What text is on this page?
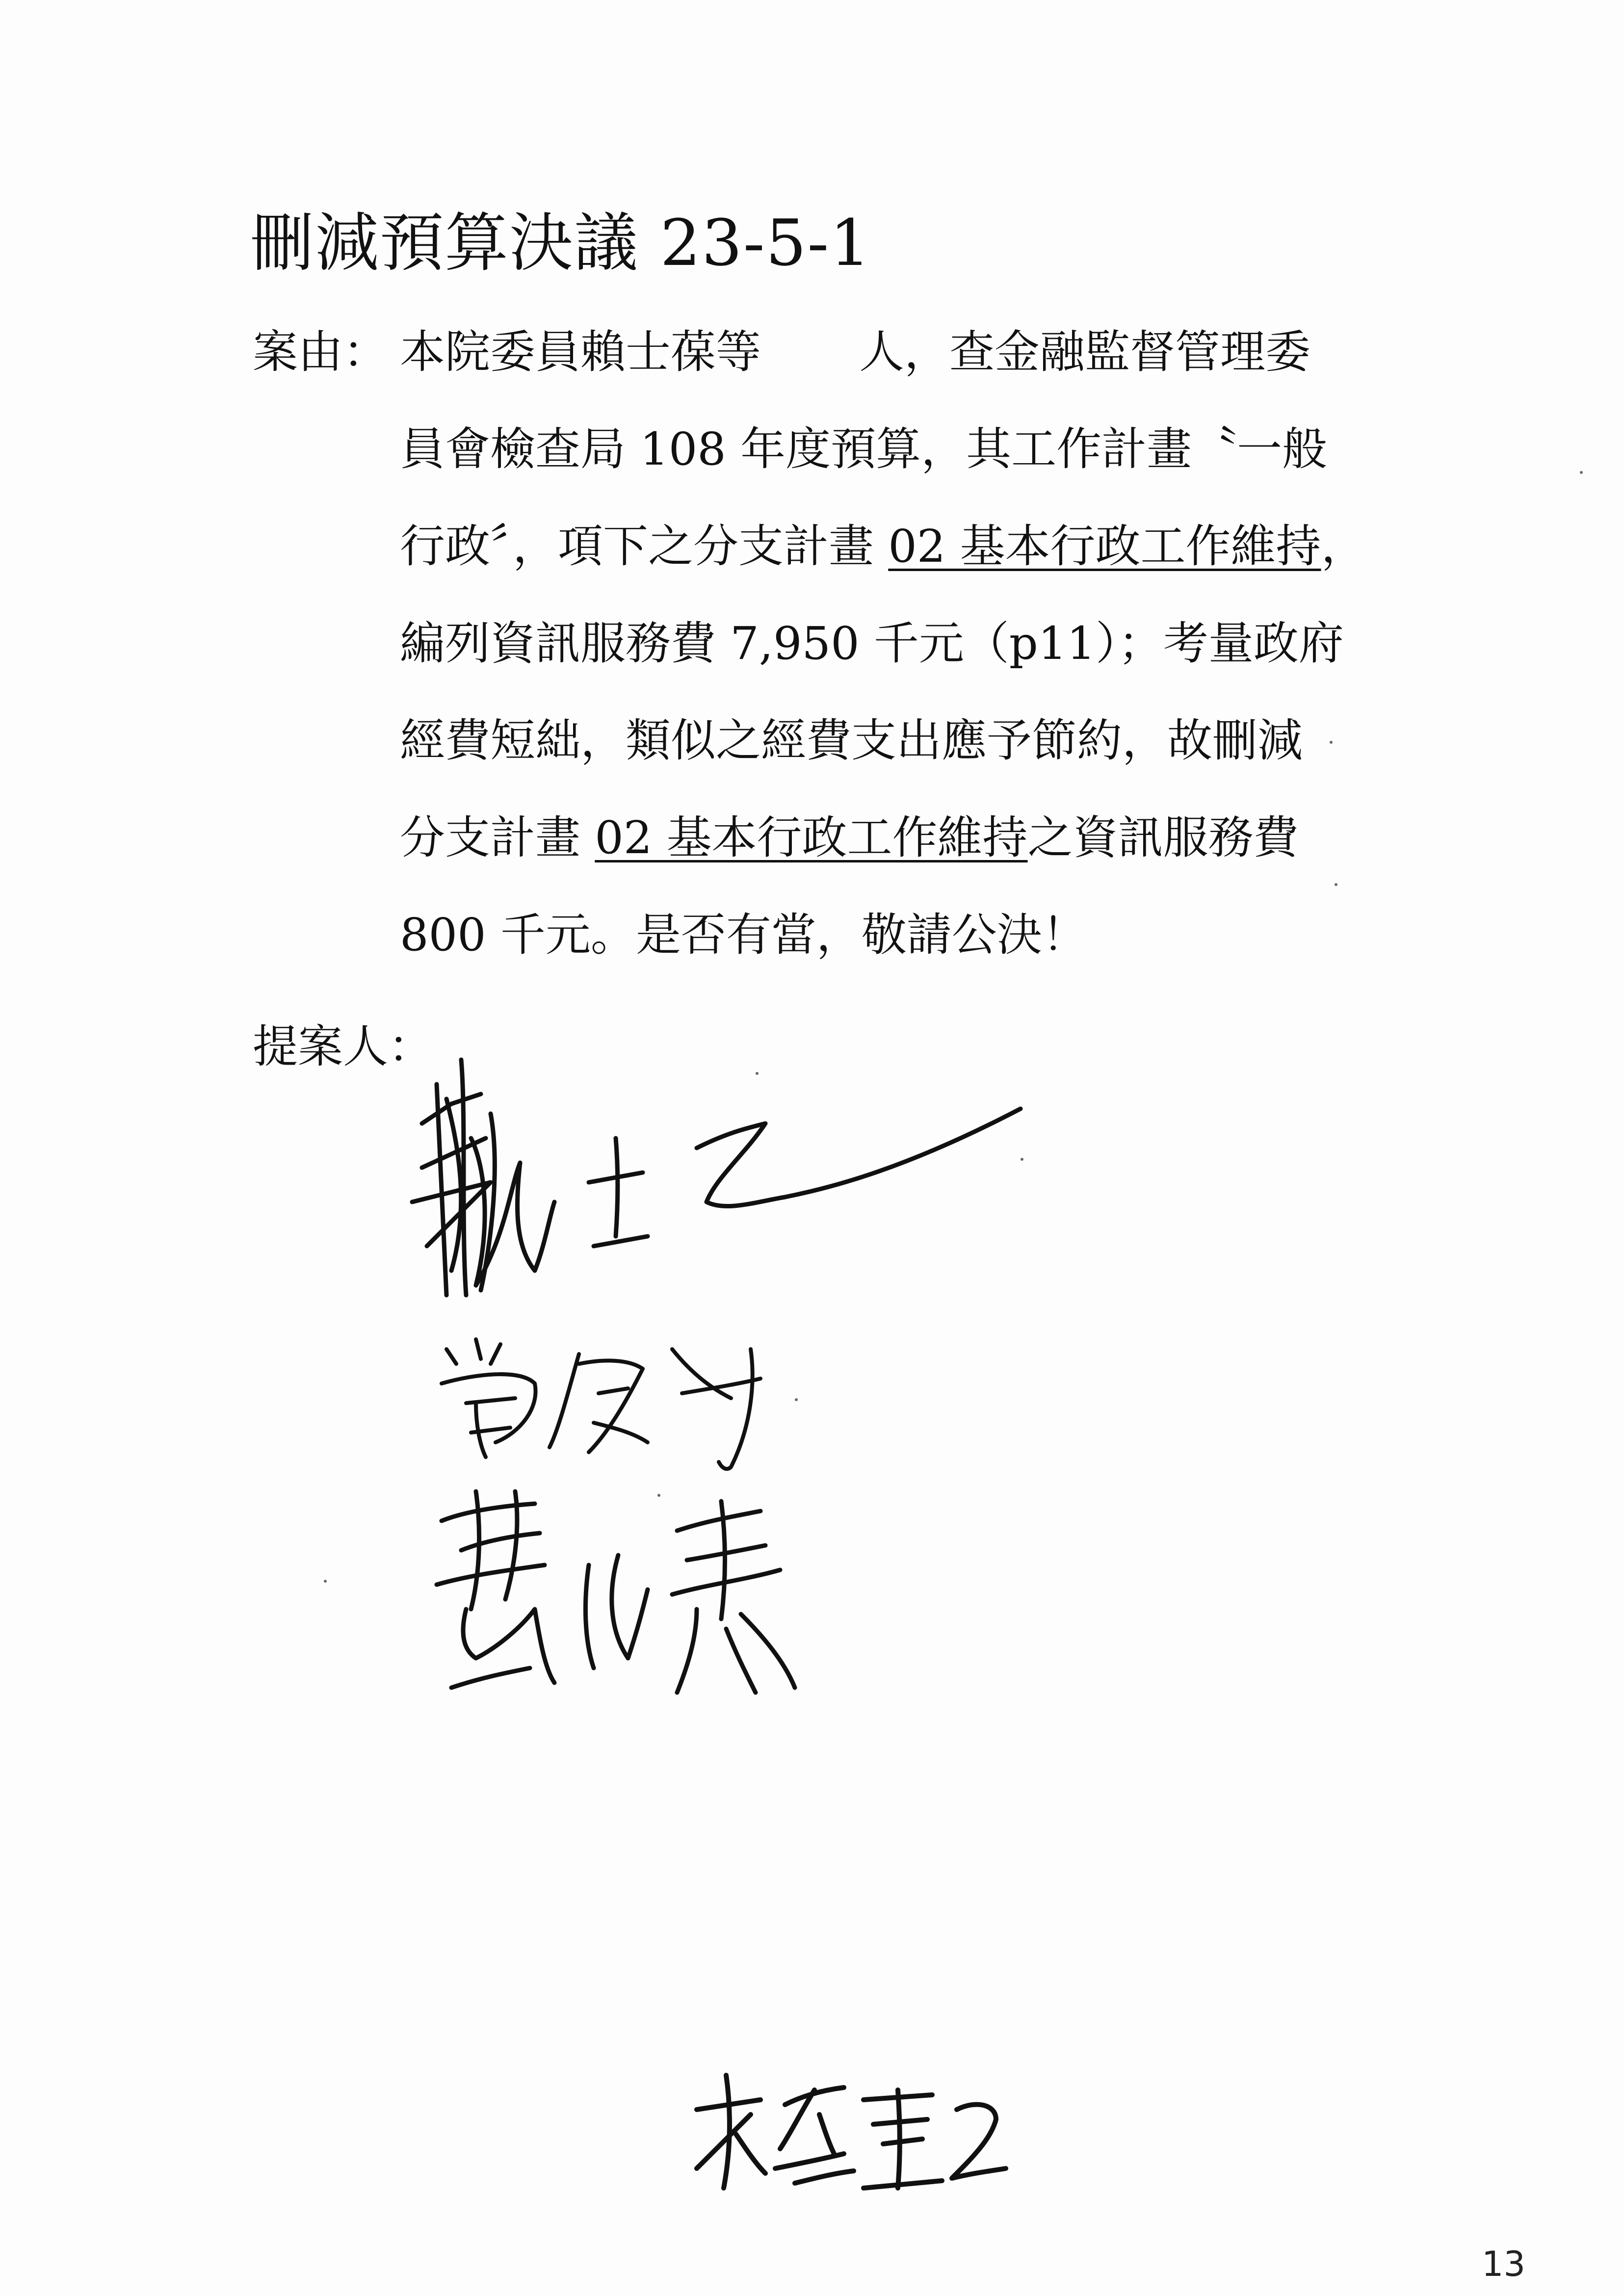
刪減預算決議 23-5-1
案由： 本院委員賴士葆等 人，查金融監督管理委
員會檢查局 108 年度預算，其工作計畫〝一般
行政〞，項下之分支計畫 02 基本行政工作維持，
編列資訊服務費 7,950 千元（p11）；考量政府
經費短絀，類似之經費支出應予節約，故刪減
分支計畫 02 基本行政工作維持之資訊服務費
800 千元。是否有當，敬請公決！
提案人：
13
